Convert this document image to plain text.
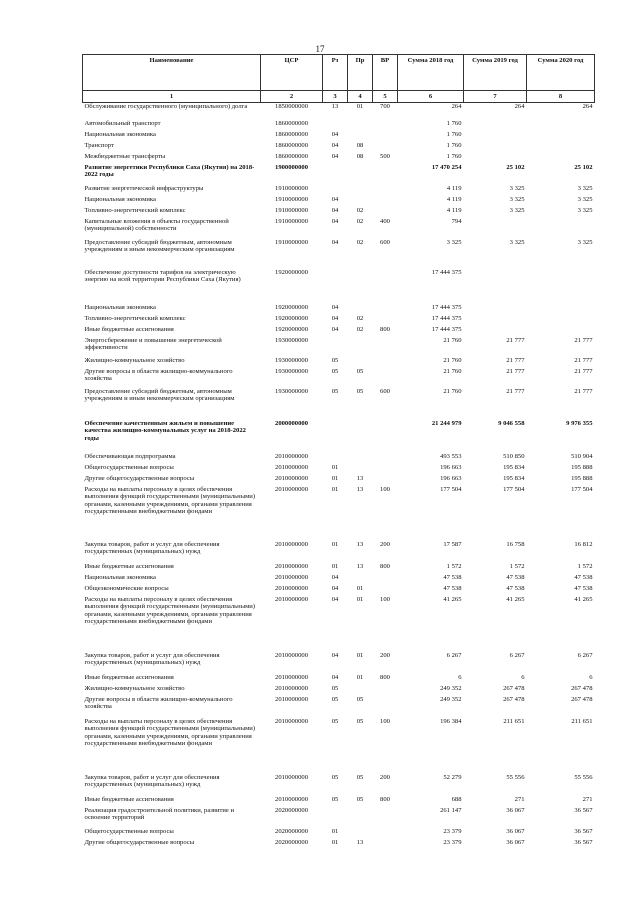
17
Наименование	ЦСР	Рз	Пр	ВР	Сумма 2018 год	Сумма 2019 год	Сумма 2020 год
1	2	3	4	5	6	7	8
Обслуживание государственного (муниципального) долга	1850000000	13	01	700	264	264	264
Автомобильный транспорт	1860000000				1 760		
Национальная экономика	1860000000	04			1 760		
Транспорт	1860000000	04	08		1 760		
Межбюджетные трансферты	1860000000	04	08	500	1 760		
Развитие энергетики Республики Саха (Якутия) на 2018-2022 годы	1900000000				17 470 254	25 102	25 102
Развитие энергетической инфраструктуры	1910000000				4 119	3 325	3 325
Национальная экономика	1910000000	04			4 119	3 325	3 325
Топливно-энергетический комплекс	1910000000	04	02		4 119	3 325	3 325
Капитальные вложения в объекты государственной (муниципальной) собственности	1910000000	04	02	400	794		
Предоставление субсидий бюджетным, автономным учреждениям и иным некоммерческим организациям	1910000000	04	02	600	3 325	3 325	3 325
Обеспечение доступности тарифов на электрическую энергию на всей территории Республики Саха (Якутия)	1920000000				17 444 375		
Национальная экономика	1920000000	04			17 444 375		
Топливно-энергетический комплекс	1920000000	04	02		17 444 375		
Иные бюджетные ассигнования	1920000000	04	02	800	17 444 375		
Энергосбережение и повышение энергетической эффективности	1930000000				21 760	21 777	21 777
Жилищно-коммунальное хозяйство	1930000000	05			21 760	21 777	21 777
Другие вопросы в области жилищно-коммунального хозяйства	1930000000	05	05		21 760	21 777	21 777
Предоставление субсидий бюджетным, автономным учреждениям и иным некоммерческим организациям	1930000000	05	05	600	21 760	21 777	21 777
Обеспечение качественным жильем и повышение качества жилищно-коммунальных услуг на 2018-2022 годы	2000000000				21 244 979	9 046 558	9 976 355
Обеспечивающая подпрограмма	2010000000				493 553	510 850	510 904
Общегосударственные вопросы	2010000000	01			196 663	195 834	195 888
Другие общегосударственные вопросы	2010000000	01	13		196 663	195 834	195 888
Расходы на выплаты персоналу в целях обеспечения выполнения функций государственными (муниципальными) органами, казенными учреждениями, органами управления государственными внебюджетными фондами	2010000000	01	13	100	177 504	177 504	177 504
Закупка товаров, работ и услуг для обеспечения государственных (муниципальных) нужд	2010000000	01	13	200	17 587	16 758	16 812
Иные бюджетные ассигнования	2010000000	01	13	800	1 572	1 572	1 572
Национальная экономика	2010000000	04			47 538	47 538	47 538
Общеэкономические вопросы	2010000000	04	01		47 538	47 538	47 538
Расходы на выплаты персоналу в целях обеспечения выполнения функций государственными (муниципальными) органами, казенными учреждениями, органами управления государственными внебюджетными фондами	2010000000	04	01	100	41 265	41 265	41 265
Закупка товаров, работ и услуг для обеспечения государственных (муниципальных) нужд	2010000000	04	01	200	6 267	6 267	6 267
Иные бюджетные ассигнования	2010000000	04	01	800	6	6	6
Жилищно-коммунальное хозяйство	2010000000	05			249 352	267 478	267 478
Другие вопросы в области жилищно-коммунального хозяйства	2010000000	05	05		249 352	267 478	267 478
Расходы на выплаты персоналу в целях обеспечения выполнения функций государственными (муниципальными) органами, казенными учреждениями, органами управления государственными внебюджетными фондами	2010000000	05	05	100	196 384	211 651	211 651
Закупка товаров, работ и услуг для обеспечения государственных (муниципальных) нужд	2010000000	05	05	200	52 279	55 556	55 556
Иные бюджетные ассигнования	2010000000	05	05	800	688	271	271
Реализация градостроительной политики, развитие и освоение территорий	2020000000				261 147	36 067	36 567
Общегосударственные вопросы	2020000000	01			23 379	36 067	36 567
Другие общегосударственные вопросы	2020000000	01	13		23 379	36 067	36 567
